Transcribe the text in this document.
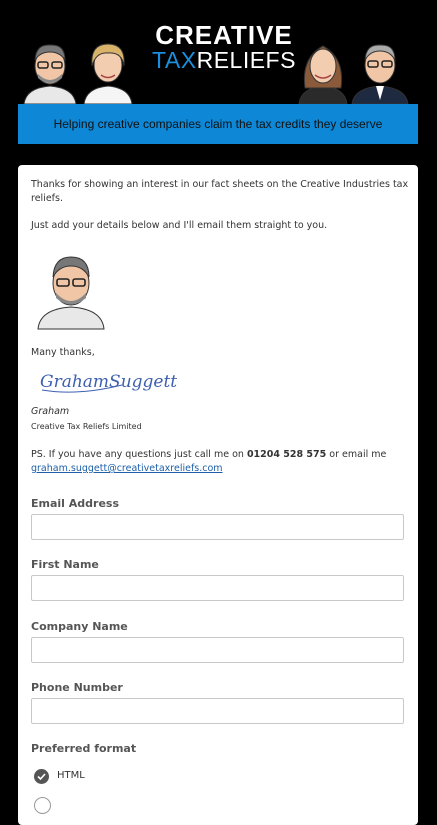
CREATIVE
TAXRELIEFS
Helping creative companies claim the tax credits they deserve
Thanks for showing an interest in our fact sheets on the Creative Industries tax reliefs.
Just add your details below and I'll email them straight to you.
Many thanks,
GrahamSuggett
Graham
Creative Tax Reliefs Limited
PS. If you have any questions just call me on 01204 528 575 or email me graham.suggett@creativetaxreliefs.com
Email Address
First Name
Company Name
Phone Number
Preferred format
HTML
